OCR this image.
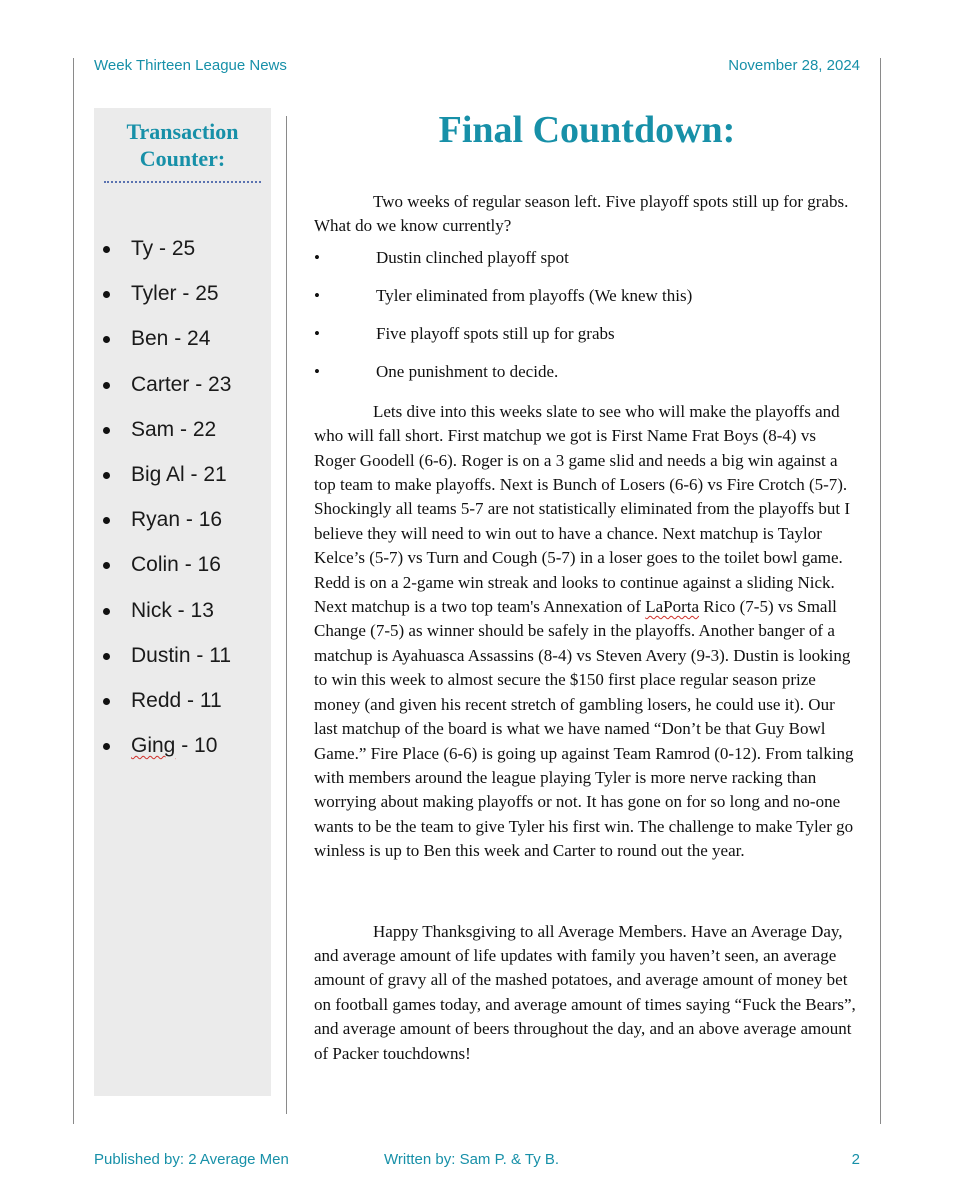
Week Thirteen League News	November 28, 2024
Transaction
Counter:
Ty - 25
Tyler - 25
Ben - 24
Carter - 23
Sam - 22
Big Al - 21
Ryan - 16
Colin - 16
Nick - 13
Dustin - 11
Redd - 11
Ging - 10
Final Countdown:

Two weeks of regular season left. Five playoff spots still up for grabs. What do we know currently?

•	Dustin clinched playoff spot
•	Tyler eliminated from playoffs (We knew this)
•	Five playoff spots still up for grabs
•	One punishment to decide.

Lets dive into this weeks slate to see who will make the playoffs and who will fall short. First matchup we got is First Name Frat Boys (8-4) vs Roger Goodell (6-6). Roger is on a 3 game slid and needs a big win against a top team to make playoffs. Next is Bunch of Losers (6-6) vs Fire Crotch (5-7). Shockingly all teams 5-7 are not statistically eliminated from the playoffs but I believe they will need to win out to have a chance. Next matchup is Taylor Kelce’s (5-7) vs Turn and Cough (5-7) in a loser goes to the toilet bowl game. Redd is on a 2-game win streak and looks to continue against a sliding Nick. Next matchup is a two top team's Annexation of LaPorta Rico (7-5) vs Small Change (7-5) as winner should be safely in the playoffs. Another banger of a matchup is Ayahuasca Assassins (8-4) vs Steven Avery (9-3). Dustin is looking to win this week to almost secure the $150 first place regular season prize money (and given his recent stretch of gambling losers, he could use it). Our last matchup of the board is what we have named “Don’t be that Guy Bowl Game.” Fire Place (6-6) is going up against Team Ramrod (0-12). From talking with members around the league playing Tyler is more nerve racking than worrying about making playoffs or not. It has gone on for so long and no-one wants to be the team to give Tyler his first win. The challenge to make Tyler go winless is up to Ben this week and Carter to round out the year.

Happy Thanksgiving to all Average Members. Have an Average Day, and average amount of life updates with family you haven’t seen, an average amount of gravy all of the mashed potatoes, and average amount of money bet on football games today, and average amount of times saying “Fuck the Bears”, and average amount of beers throughout the day, and an above average amount of Packer touchdowns!

Published by: 2 Average Men	Written by: Sam P. & Ty B.	2
